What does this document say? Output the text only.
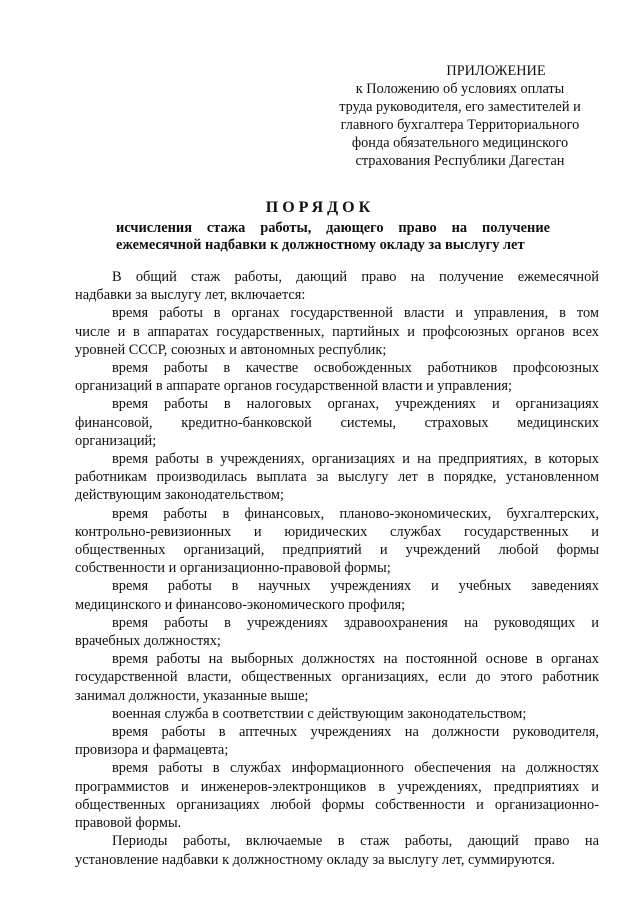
ПРИЛОЖЕНИЕ
к Положению об условиях оплаты
труда руководителя, его заместителей и
главного бухгалтера Территориального
фонда обязательного медицинского
страхования Республики Дагестан
ПОРЯДОК
исчисления стажа работы, дающего право на получение
ежемесячной надбавки к должностному окладу за выслугу лет
В общий стаж работы, дающий право на получение ежемесячной
надбавки за выслугу лет, включается:
время работы в органах государственной власти и управления, в том
числе и в аппаратах государственных, партийных и профсоюзных органов всех
уровней СССР, союзных и автономных республик;
время работы в качестве освобожденных работников профсоюзных
организаций в аппарате органов государственной власти и управления;
время работы в налоговых органах, учреждениях и организациях
финансовой, кредитно-банковской системы, страховых медицинских
организаций;
время работы в учреждениях, организациях и на предприятиях, в которых
работникам производилась выплата за выслугу лет в порядке, установленном
действующим законодательством;
время работы в финансовых, планово-экономических, бухгалтерских,
контрольно-ревизионных и юридических службах государственных и
общественных организаций, предприятий и учреждений любой формы
собственности и организационно-правовой формы;
время работы в научных учреждениях и учебных заведениях
медицинского и финансово-экономического профиля;
время работы в учреждениях здравоохранения на руководящих и
врачебных должностях;
время работы на выборных должностях на постоянной основе в органах
государственной власти, общественных организациях, если до этого работник
занимал должности, указанные выше;
военная служба в соответствии с действующим законодательством;
время работы в аптечных учреждениях на должности руководителя,
провизора и фармацевта;
время работы в службах информационного обеспечения на должностях
программистов и инженеров-электронщиков в учреждениях, предприятиях и
общественных организациях любой формы собственности и организационно-
правовой формы.
Периоды работы, включаемые в стаж работы, дающий право на
установление надбавки к должностному окладу за выслугу лет, суммируются.
